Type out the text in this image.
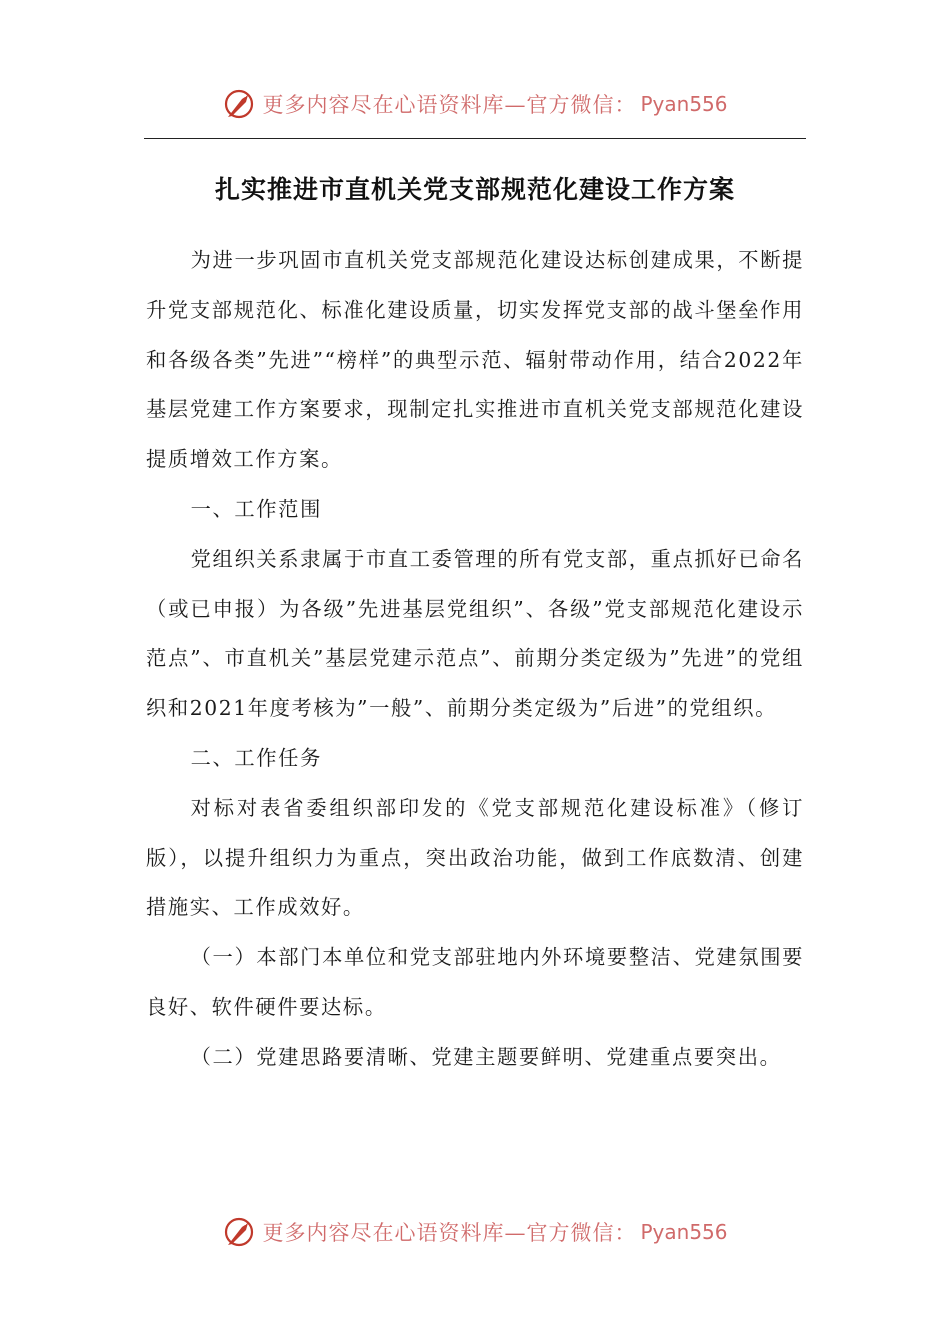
更多内容尽在心语资料库—官方微信： Pyan556
扎实推进市直机关党支部规范化建设工作方案

为进一步巩固市直机关党支部规范化建设达标创建成果，不断提升党支部规范化、标准化建设质量，切实发挥党支部的战斗堡垒作用和各级各类”先进”“榜样”的典型示范、辐射带动作用，结合2022年基层党建工作方案要求，现制定扎实推进市直机关党支部规范化建设提质增效工作方案。

一、工作范围

党组织关系隶属于市直工委管理的所有党支部，重点抓好已命名（或已申报）为各级”先进基层党组织”、各级”党支部规范化建设示范点”、市直机关”基层党建示范点”、前期分类定级为”先进”的党组织和2021年度考核为”一般”、前期分类定级为”后进”的党组织。

二、工作任务

对标对表省委组织部印发的《党支部规范化建设标准》（修订版），以提升组织力为重点，突出政治功能，做到工作底数清、创建措施实、工作成效好。

（一）本部门本单位和党支部驻地内外环境要整洁、党建氛围要良好、软件硬件要达标。

（二）党建思路要清晰、党建主题要鲜明、党建重点要突出。

更多内容尽在心语资料库—官方微信： Pyan556
